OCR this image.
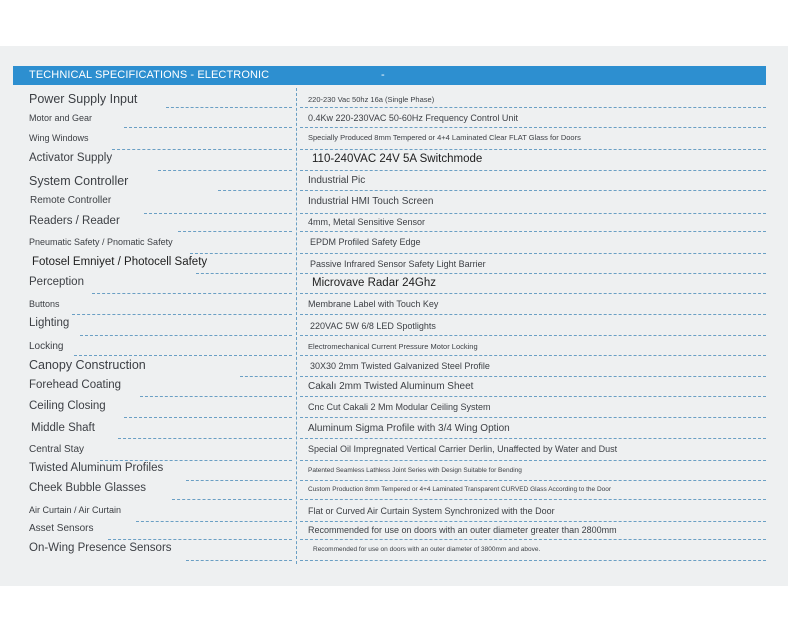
TECHNICAL SPECIFICATIONS - ELECTRONIC	-
Power Supply Input	220-230 Vac 50hz 16a (Single Phase)
Motor and Gear	0.4Kw 220-230VAC 50-60Hz Frequency Control Unit
Wing Windows	Specially Produced 8mm Tempered or 4+4 Laminated Clear FLAT Glass for Doors
Activator Supply	110-240VAC 24V 5A Switchmode
System Controller	Industrial Pic
Remote Controller	Industrial HMI Touch Screen
Readers / Reader	4mm, Metal Sensitive Sensor
Pneumatic Safety / Pnomatic Safety	EPDM Profiled Safety Edge
Fotosel Emniyet / Photocell Safety	Passive Infrared Sensor Safety Light Barrier
Perception	Microvave Radar 24Ghz
Buttons	Membrane Label with Touch Key
Lighting	220VAC 5W 6/8 LED Spotlights
Locking	Electromechanical Current Pressure Motor Locking
Canopy Construction	30X30 2mm Twisted Galvanized Steel Profile
Forehead Coating	Cakalı 2mm Twisted Aluminum Sheet
Ceiling Closing	Cnc Cut Cakali 2 Mm Modular Ceiling System
Middle Shaft	Aluminum Sigma Profile with 3/4 Wing Option
Central Stay	Special Oil Impregnated Vertical Carrier Derlin, Unaffected by Water and Dust
Twisted Aluminum Profiles	Patented Seamless Lathless Joint Series with Design Suitable for Bending
Cheek Bubble Glasses	Custom Production 8mm Tempered or 4+4 Laminated Transparent CURVED Glass According to the Door
Air Curtain / Air Curtain	Flat or Curved Air Curtain System Synchronized with the Door
Asset Sensors	Recommended for use on doors with an outer diameter greater than 2800mm
On-Wing Presence Sensors	Recommended for use on doors with an outer diameter of 3800mm and above.
